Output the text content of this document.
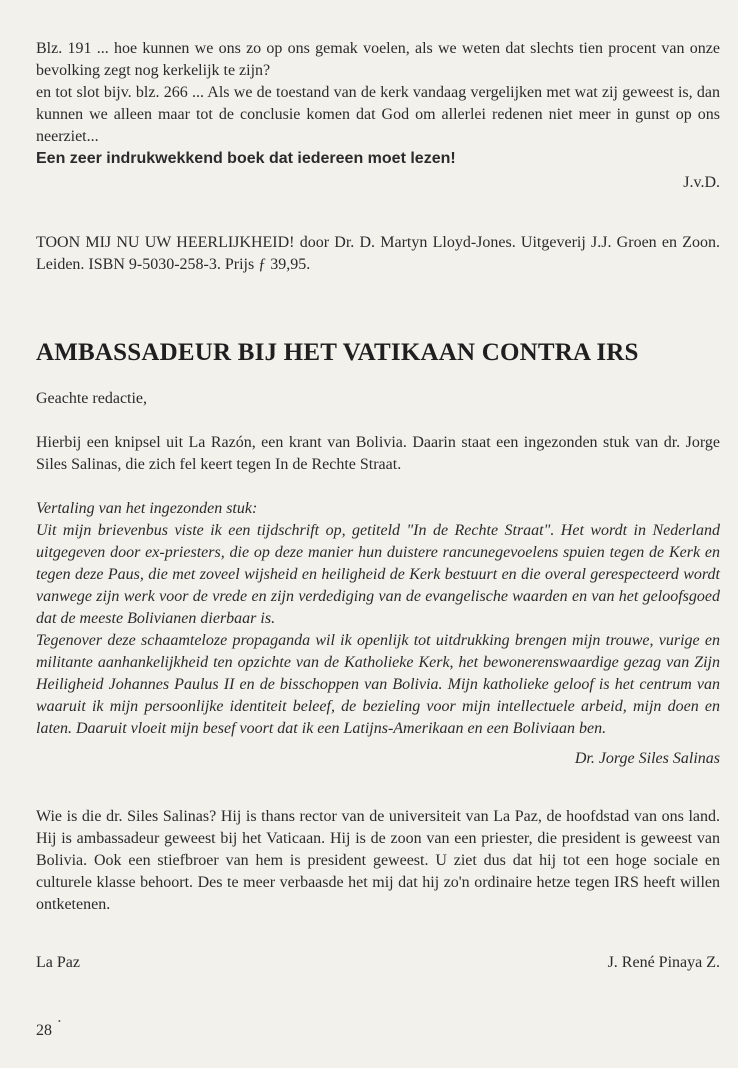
Blz. 191 ... hoe kunnen we ons zo op ons gemak voelen, als we weten dat slechts tien procent van onze bevolking zegt nog kerkelijk te zijn?

en tot slot bijv. blz. 266 ... Als we de toestand van de kerk vandaag vergelijken met wat zij geweest is, dan kunnen we alleen maar tot de conclusie komen dat God om allerlei redenen niet meer in gunst op ons neerziet...

Een zeer indrukwekkend boek dat iedereen moet lezen!

J.v.D.

TOON MIJ NU UW HEERLIJKHEID! door Dr. D. Martyn Lloyd-Jones. Uitgeverij J.J. Groen en Zoon. Leiden. ISBN 9-5030-258-3. Prijs ƒ 39,95.

AMBASSADEUR BIJ HET VATIKAAN CONTRA IRS

Geachte redactie,

Hierbij een knipsel uit La Razón, een krant van Bolivia. Daarin staat een ingezonden stuk van dr. Jorge Siles Salinas, die zich fel keert tegen In de Rechte Straat.

Vertaling van het ingezonden stuk:

Uit mijn brievenbus viste ik een tijdschrift op, getiteld "In de Rechte Straat". Het wordt in Nederland uitgegeven door ex-priesters, die op deze manier hun duistere rancunegevoelens spuien tegen de Kerk en tegen deze Paus, die met zoveel wijsheid en heiligheid de Kerk bestuurt en die overal gerespecteerd wordt vanwege zijn werk voor de vrede en zijn verdediging van de evangelische waarden en van het geloofsgoed dat de meeste Bolivianen dierbaar is.

Tegenover deze schaamteloze propaganda wil ik openlijk tot uitdrukking brengen mijn trouwe, vurige en militante aanhankelijkheid ten opzichte van de Katholieke Kerk, het bewonerenswaardige gezag van Zijn Heiligheid Johannes Paulus II en de bisschoppen van Bolivia. Mijn katholieke geloof is het centrum van waaruit ik mijn persoonlijke identiteit beleef, de bezieling voor mijn intellectuele arbeid, mijn doen en laten. Daaruit vloeit mijn besef voort dat ik een Latijns-Amerikaan en een Boliviaan ben.

Dr. Jorge Siles Salinas

Wie is die dr. Siles Salinas? Hij is thans rector van de universiteit van La Paz, de hoofdstad van ons land. Hij is ambassadeur geweest bij het Vaticaan. Hij is de zoon van een priester, die president is geweest van Bolivia. Ook een stiefbroer van hem is president geweest. U ziet dus dat hij tot een hoge sociale en culturele klasse behoort. Des te meer verbaasde het mij dat hij zo'n ordinaire hetze tegen IRS heeft willen ontketenen.

La Paz	J. René Pinaya Z.
•
28
